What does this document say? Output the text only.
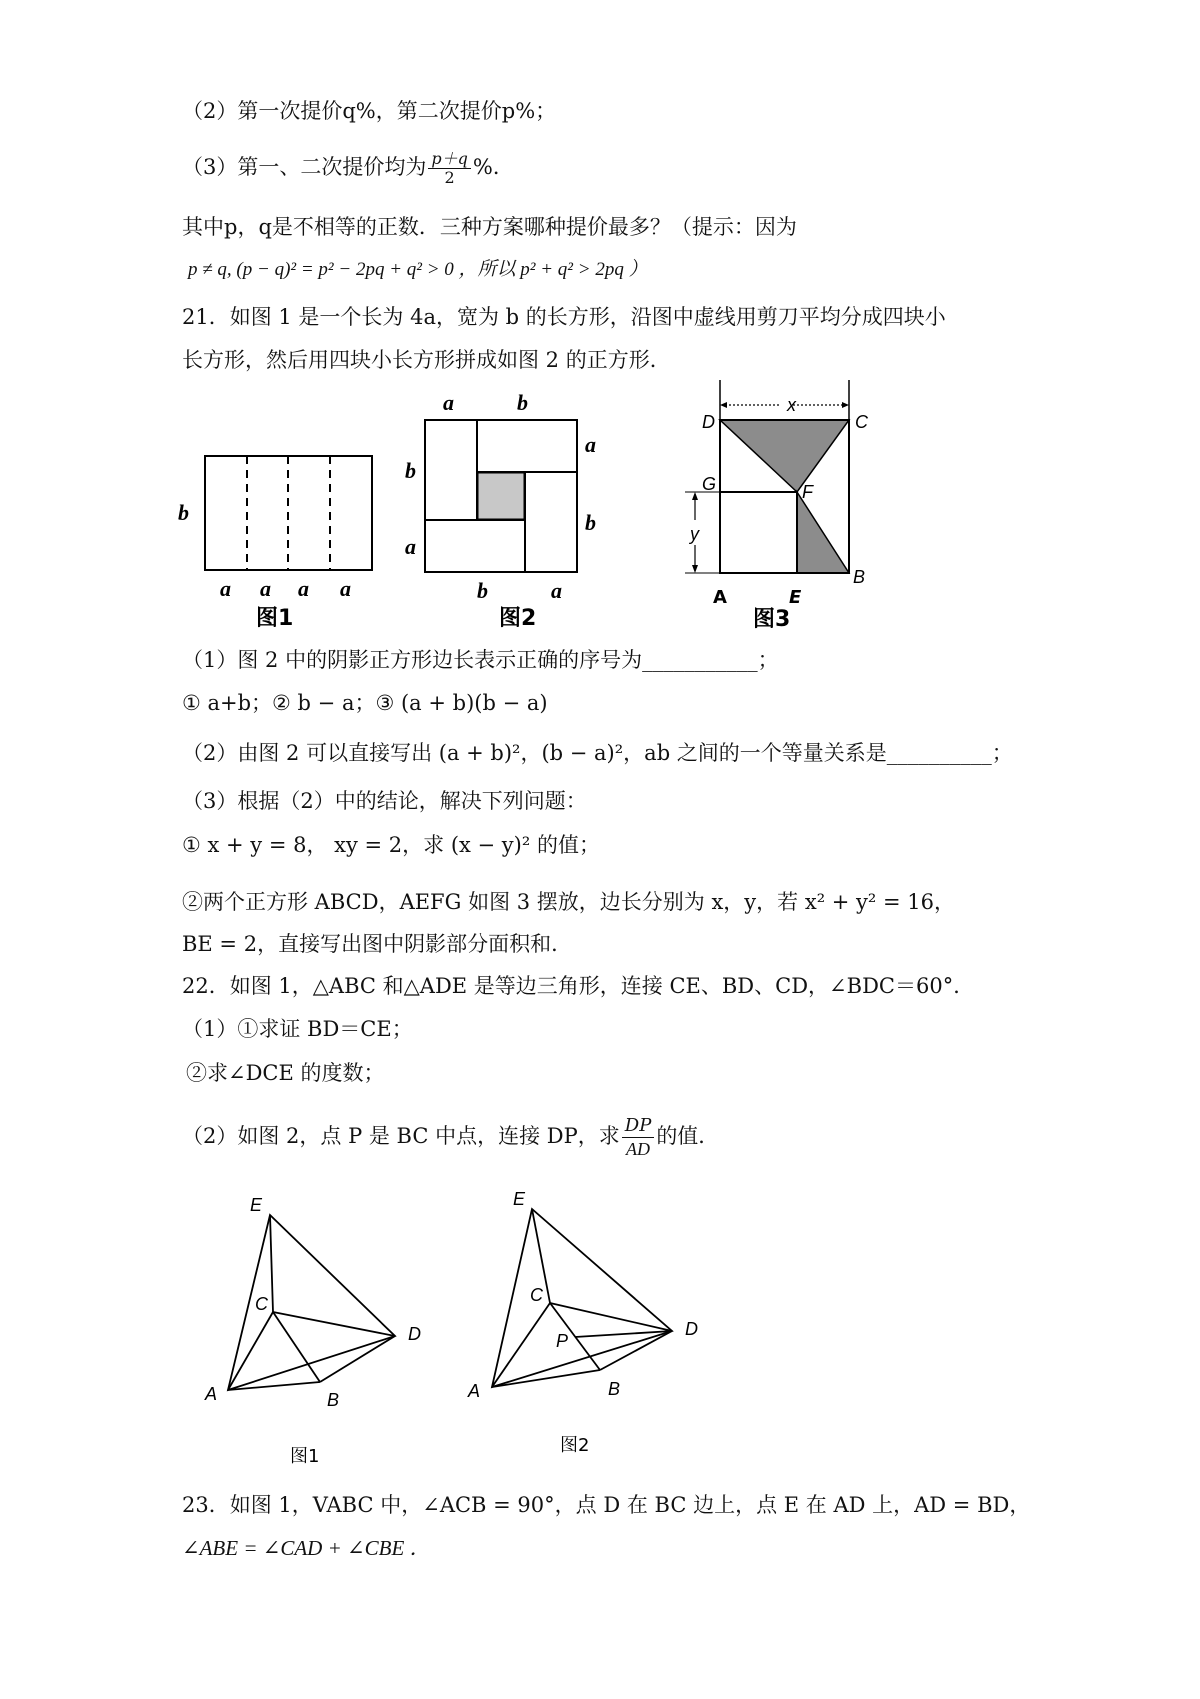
（2）第一次提价q%，第二次提价p%；
（3）第一、二次提价均为 $\frac{p+q}{2}$ %．
其中p，q是不相等的正数．三种方案哪种提价最多？（提示：因为
p ≠ q, (p − q)² = p² − 2pq + q² > 0 ，所以 p² + q² > 2pq ）
21．如图 1 是一个长为 4a，宽为 b 的长方形，沿图中虚线用剪刀平均分成四块小
长方形，然后用四块小长方形拼成如图 2 的正方形．
b
a a a a
图1
a	b
a
b
b
a
b	a
图2
x
y
D	C
G	F
A	E
B
图3
（1）图 2 中的阴影正方形边长表示正确的序号为___________；
① a+b；② b − a；③ (a + b)(b − a)
（2）由图 2 可以直接写出 (a + b)²，(b − a)²，ab 之间的一个等量关系是__________；
（3）根据（2）中的结论，解决下列问题：
① x + y = 8， xy = 2，求 (x − y)² 的值；
②两个正方形 ABCD，AEFG 如图 3 摆放，边长分别为 x，y，若 x² + y² = 16，
BE = 2，直接写出图中阴影部分面积和．
22．如图 1，△ABC 和△ADE 是等边三角形，连接 CE、BD、CD，∠BDC＝60°．
（1）①求证 BD＝CE；
②求∠DCE 的度数；
（2）如图 2，点 P 是 BC 中点，连接 DP，求 $\frac{DP}{AD}$ 的值．
E
C
D
A	B
图1
E
C
P
D
A	B
图2
23．如图 1，VABC 中，∠ACB = 90°，点 D 在 BC 边上，点 E 在 AD 上，AD = BD，
∠ABE = ∠CAD + ∠CBE ．
